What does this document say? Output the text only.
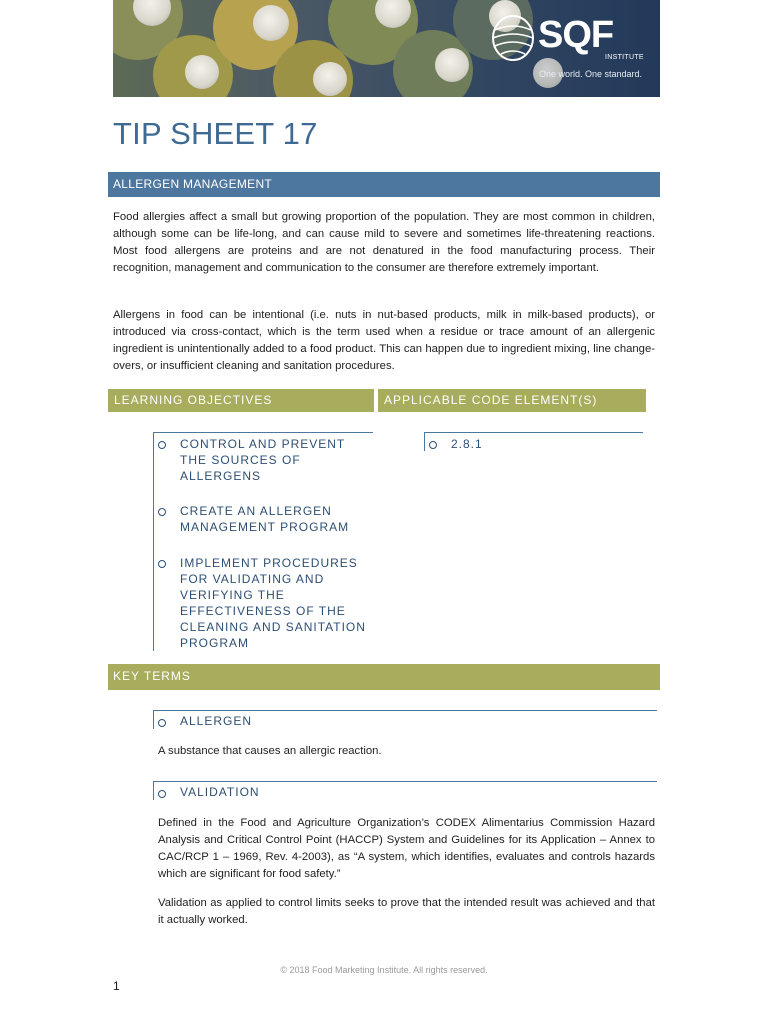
SQF
INSTITUTE
One world. One standard.
TIP SHEET 17
ALLERGEN MANAGEMENT
Food allergies affect a small but growing proportion of the population. They are most common in children, although some can be life-long, and can cause mild to severe and sometimes life-threatening reactions. Most food allergens are proteins and are not denatured in the food manufacturing process. Their recognition, management and communication to the consumer are therefore extremely important.
Allergens in food can be intentional (i.e. nuts in nut-based products, milk in milk-based products), or introduced via cross-contact, which is the term used when a residue or trace amount of an allergenic ingredient is unintentionally added to a food product. This can happen due to ingredient mixing, line change-overs, or insufficient cleaning and sanitation procedures.
LEARNING OBJECTIVES	APPLICABLE CODE ELEMENT(S)
CONTROL AND PREVENT
THE SOURCES OF
ALLERGENS
CREATE AN ALLERGEN
MANAGEMENT PROGRAM
IMPLEMENT PROCEDURES
FOR VALIDATING AND
VERIFYING THE
EFFECTIVENESS OF THE
CLEANING AND SANITATION
PROGRAM
2.8.1
KEY TERMS
ALLERGEN
A substance that causes an allergic reaction.
VALIDATION
Defined in the Food and Agriculture Organization’s CODEX Alimentarius Commission Hazard Analysis and Critical Control Point (HACCP) System and Guidelines for its Application – Annex to CAC/RCP 1 – 1969, Rev. 4-2003), as “A system, which identifies, evaluates and controls hazards which are significant for food safety.”
Validation as applied to control limits seeks to prove that the intended result was achieved and that it actually worked.
© 2018 Food Marketing Institute. All rights reserved.
1
